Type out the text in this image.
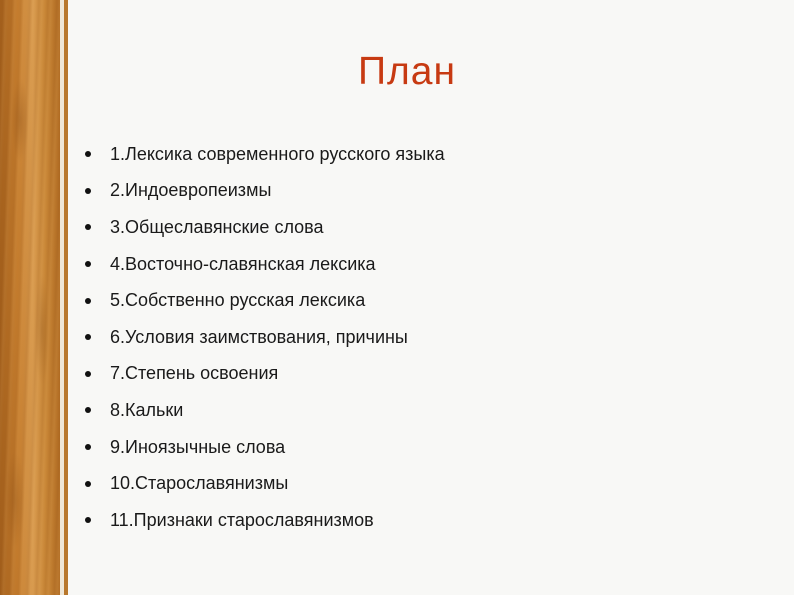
План
1.Лексика современного русского языка
2.Индоевропеизмы
3.Общеславянские слова
4.Восточно-славянская лексика
5.Собственно русская лексика
6.Условия заимствования, причины
7.Степень освоения
8.Кальки
9.Иноязычные слова
10.Старославянизмы
11.Признаки старославянизмов
